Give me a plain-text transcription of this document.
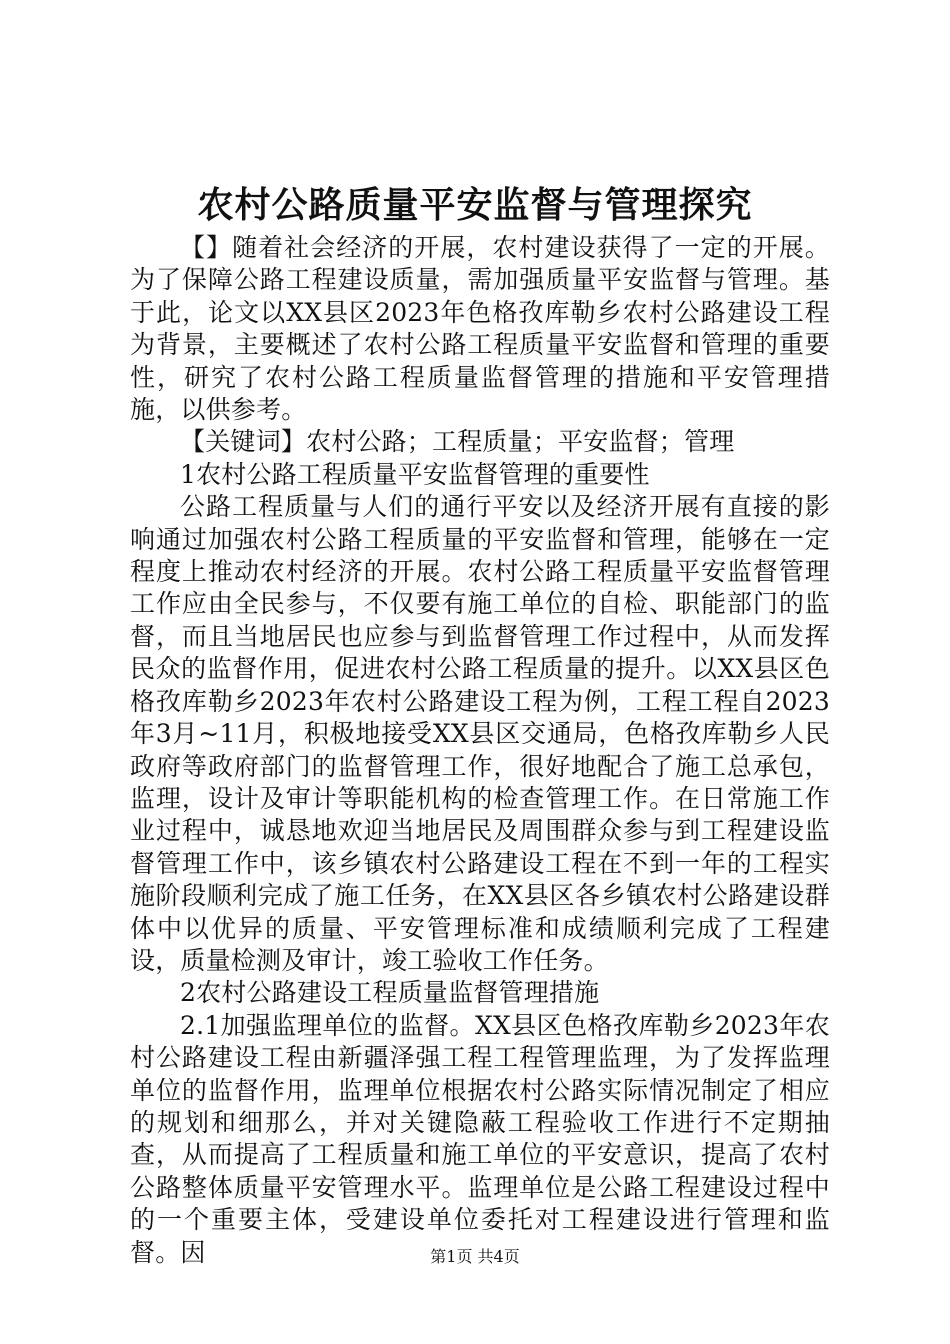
农村公路质量平安监督与管理探究

【】随着社会经济的开展，农村建设获得了一定的开展。为了保障公路工程建设质量，需加强质量平安监督与管理。基于此，论文以XX县区2023年色格孜库勒乡农村公路建设工程为背景，主要概述了农村公路工程质量平安监督和管理的重要性，研究了农村公路工程质量监督管理的措施和平安管理措施，以供参考。

【关键词】农村公路；工程质量；平安监督；管理

1农村公路工程质量平安监督管理的重要性

公路工程质量与人们的通行平安以及经济开展有直接的影响通过加强农村公路工程质量的平安监督和管理，能够在一定程度上推动农村经济的开展。农村公路工程质量平安监督管理工作应由全民参与，不仅要有施工单位的自检、职能部门的监督，而且当地居民也应参与到监督管理工作过程中，从而发挥民众的监督作用，促进农村公路工程质量的提升。以XX县区色格孜库勒乡2023年农村公路建设工程为例，工程工程自2023年3月~11月，积极地接受XX县区交通局，色格孜库勒乡人民政府等政府部门的监督管理工作，很好地配合了施工总承包，监理，设计及审计等职能机构的检查管理工作。在日常施工作业过程中，诚恳地欢迎当地居民及周围群众参与到工程建设监督管理工作中，该乡镇农村公路建设工程在不到一年的工程实施阶段顺利完成了施工任务，在XX县区各乡镇农村公路建设群体中以优异的质量、平安管理标准和成绩顺利完成了工程建设，质量检测及审计，竣工验收工作任务。

2农村公路建设工程质量监督管理措施

2.1加强监理单位的监督。XX县区色格孜库勒乡2023年农村公路建设工程由新疆泽强工程工程管理监理，为了发挥监理单位的监督作用，监理单位根据农村公路实际情况制定了相应的规划和细那么，并对关键隐蔽工程验收工作进行不定期抽查，从而提高了工程质量和施工单位的平安意识，提高了农村公路整体质量平安管理水平。监理单位是公路工程建设过程中的一个重要主体，受建设单位委托对工程建设进行管理和监督。因	第1页 共4页
